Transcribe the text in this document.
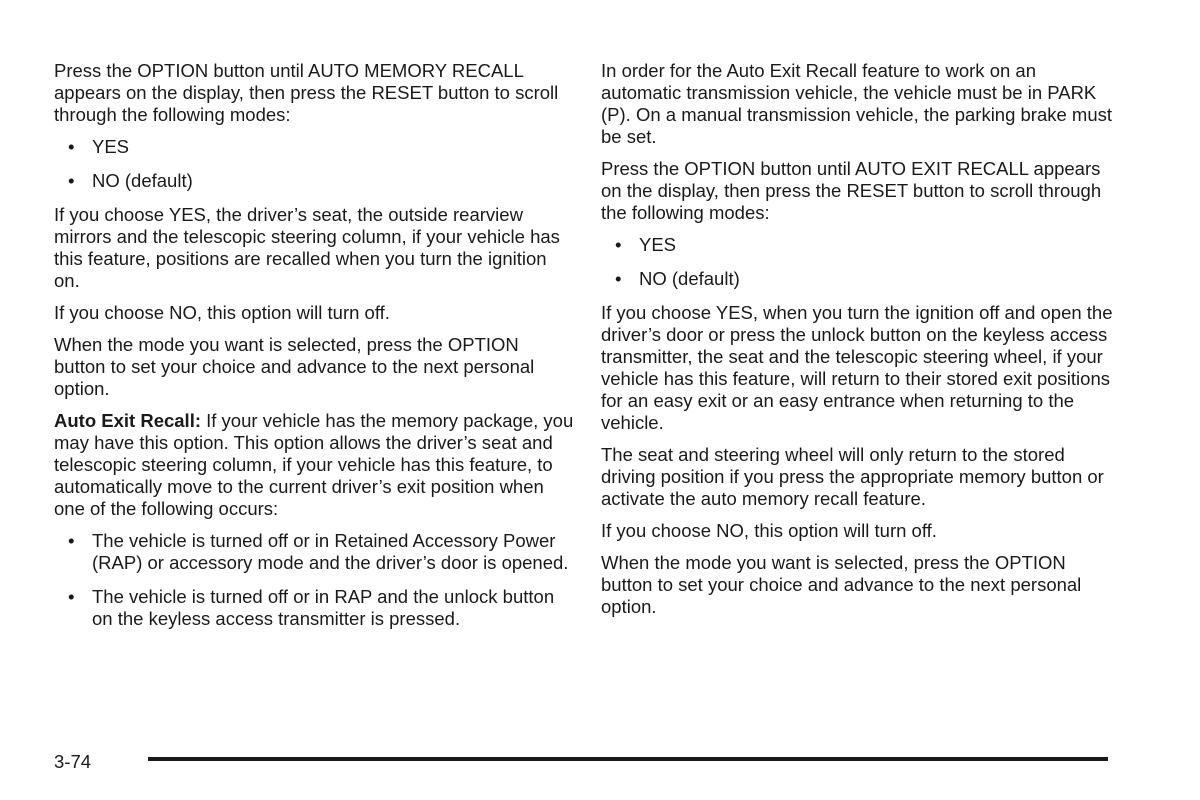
Press the OPTION button until AUTO MEMORY RECALL appears on the display, then press the RESET button to scroll through the following modes:

• YES
• NO (default)

If you choose YES, the driver’s seat, the outside rearview mirrors and the telescopic steering column, if your vehicle has this feature, positions are recalled when you turn the ignition on.

If you choose NO, this option will turn off.

When the mode you want is selected, press the OPTION button to set your choice and advance to the next personal option.

Auto Exit Recall: If your vehicle has the memory package, you may have this option. This option allows the driver’s seat and telescopic steering column, if your vehicle has this feature, to automatically move to the current driver’s exit position when one of the following occurs:

• The vehicle is turned off or in Retained Accessory Power (RAP) or accessory mode and the driver’s door is opened.
• The vehicle is turned off or in RAP and the unlock button on the keyless access transmitter is pressed.

In order for the Auto Exit Recall feature to work on an automatic transmission vehicle, the vehicle must be in PARK (P). On a manual transmission vehicle, the parking brake must be set.

Press the OPTION button until AUTO EXIT RECALL appears on the display, then press the RESET button to scroll through the following modes:

• YES
• NO (default)

If you choose YES, when you turn the ignition off and open the driver’s door or press the unlock button on the keyless access transmitter, the seat and the telescopic steering wheel, if your vehicle has this feature, will return to their stored exit positions for an easy exit or an easy entrance when returning to the vehicle.

The seat and steering wheel will only return to the stored driving position if you press the appropriate memory button or activate the auto memory recall feature.

If you choose NO, this option will turn off.

When the mode you want is selected, press the OPTION button to set your choice and advance to the next personal option.

3-74
